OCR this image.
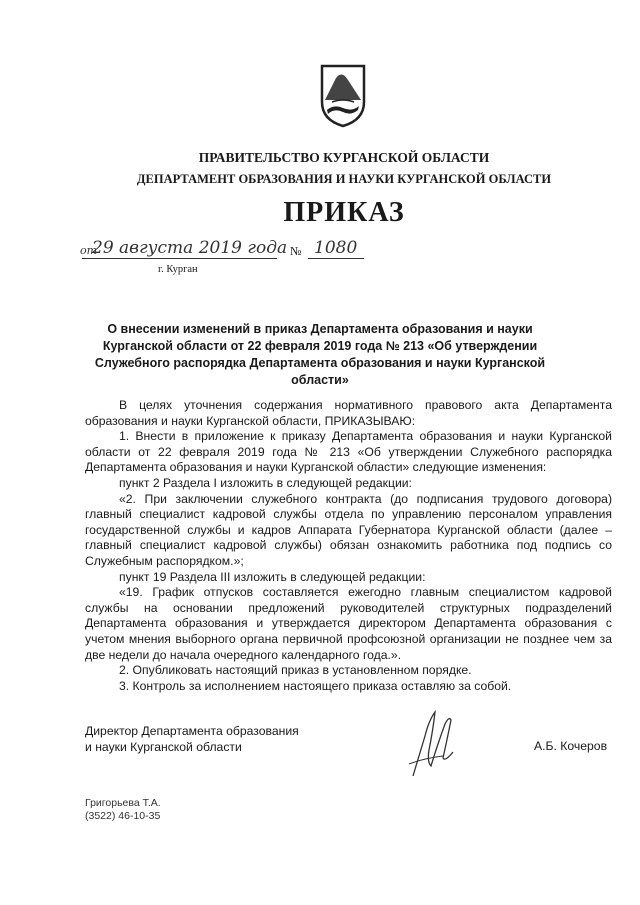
ПРАВИТЕЛЬСТВО КУРГАНСКОЙ ОБЛАСТИ
ДЕПАРТАМЕНТ ОБРАЗОВАНИЯ И НАУКИ КУРГАНСКОЙ ОБЛАСТИ
ПРИКАЗ
от
29 августа 2019 года № 1080
г. Курган
О внесении изменений в приказ Департамента образования и науки Курганской области от 22 февраля 2019 года № 213 «Об утверждении Служебного распорядка Департамента образования и науки Курганской области»

В целях уточнения содержания нормативного правового акта Департамента образования и науки Курганской области, ПРИКАЗЫВАЮ:

1. Внести в приложение к приказу Департамента образования и науки Курганской области от 22 февраля 2019 года № 213 «Об утверждении Служебного распорядка Департамента образования и науки Курганской области» следующие изменения:

пункт 2 Раздела I изложить в следующей редакции:

«2. При заключении служебного контракта (до подписания трудового договора) главный специалист кадровой службы отдела по управлению персоналом управления государственной службы и кадров Аппарата Губернатора Курганской области (далее – главный специалист кадровой службы) обязан ознакомить работника под подпись со Служебным распорядком.»;

пункт 19 Раздела III изложить в следующей редакции:

«19. График отпусков составляется ежегодно главным специалистом кадровой службы на основании предложений руководителей структурных подразделений Департамента образования и утверждается директором Департамента образования с учетом мнения выборного органа первичной профсоюзной организации не позднее чем за две недели до начала очередного календарного года.».

2. Опубликовать настоящий приказ в установленном порядке.

3. Контроль за исполнением настоящего приказа оставляю за собой.

Директор Департамента образования
и науки Курганской области	А.Б. Кочеров
Григорьева Т.А.
(3522) 46-10-35
